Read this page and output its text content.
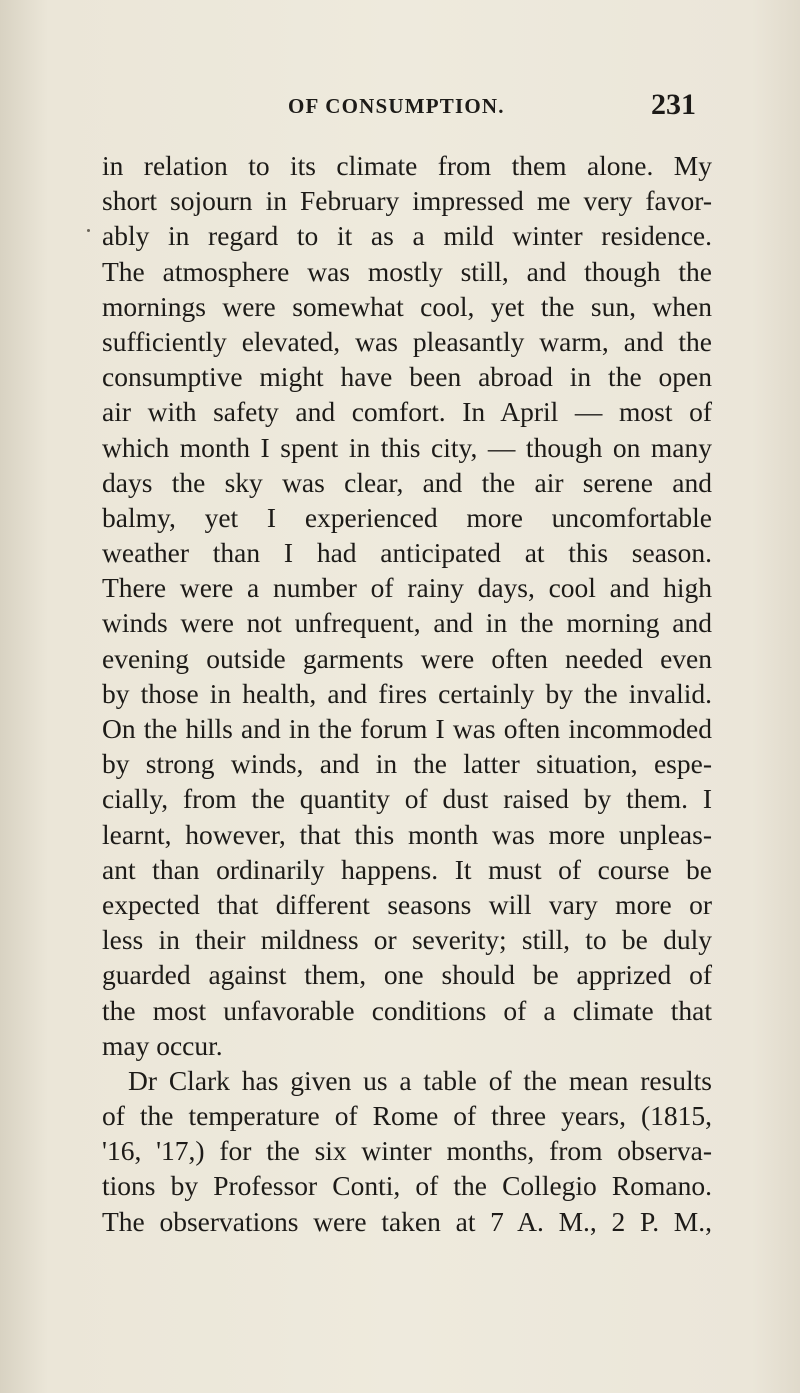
OF CONSUMPTION.	231
in relation to its climate from them alone. My
short sojourn in February impressed me very favor-
ably in regard to it as a mild winter residence.
The atmosphere was mostly still, and though the
mornings were somewhat cool, yet the sun, when
sufficiently elevated, was pleasantly warm, and the
consumptive might have been abroad in the open
air with safety and comfort. In April — most of
which month I spent in this city, — though on many
days the sky was clear, and the air serene and
balmy, yet I experienced more uncomfortable
weather than I had anticipated at this season.
There were a number of rainy days, cool and high
winds were not unfrequent, and in the morning and
evening outside garments were often needed even
by those in health, and fires certainly by the invalid.
On the hills and in the forum I was often incommoded
by strong winds, and in the latter situation, espe-
cially, from the quantity of dust raised by them. I
learnt, however, that this month was more unpleas-
ant than ordinarily happens. It must of course be
expected that different seasons will vary more or
less in their mildness or severity; still, to be duly
guarded against them, one should be apprized of
the most unfavorable conditions of a climate that
may occur.
Dr Clark has given us a table of the mean results
of the temperature of Rome of three years, (1815,
'16, '17,) for the six winter months, from observa-
tions by Professor Conti, of the Collegio Romano.
The observations were taken at 7 A. M., 2 P. M.,
